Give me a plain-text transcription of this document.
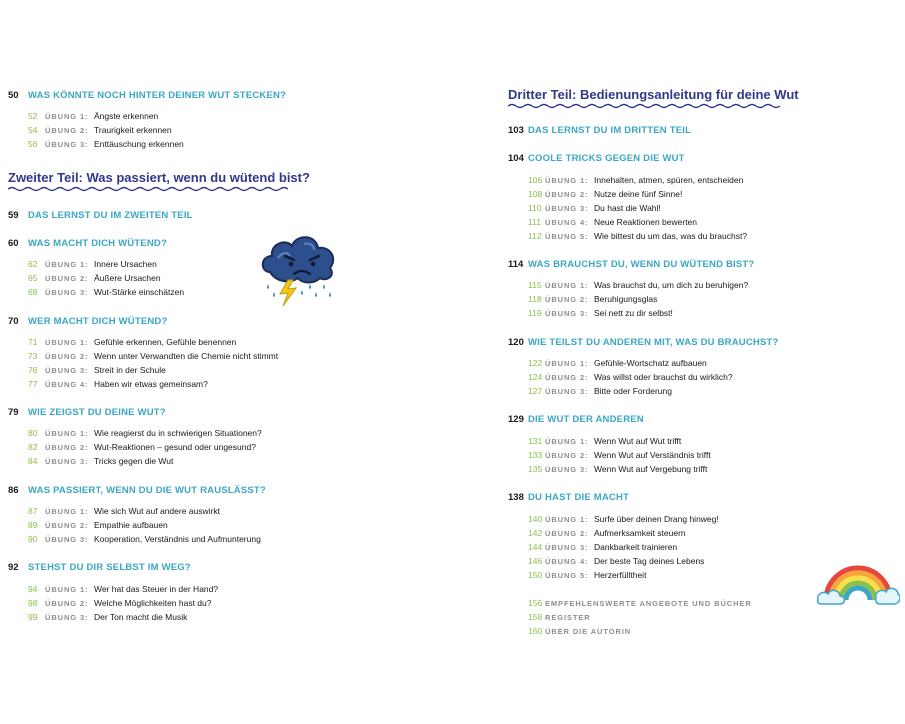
50 WAS KÖNNTE NOCH HINTER DEINER WUT STECKEN?
52 ÜBUNG 1: Ängste erkennen
54 ÜBUNG 2: Traurigkeit erkennen
56 ÜBUNG 3: Enttäuschung erkennen
Zweiter Teil: Was passiert, wenn du wütend bist?
59 DAS LERNST DU IM ZWEITEN TEIL
60 WAS MACHT DICH WÜTEND?
62 ÜBUNG 1: Innere Ursachen
65 ÜBUNG 2: Äußere Ursachen
68 ÜBUNG 3: Wut-Stärke einschätzen
70 WER MACHT DICH WÜTEND?
71 ÜBUNG 1: Gefühle erkennen, Gefühle benennen
73 ÜBUNG 2: Wenn unter Verwandten die Chemie nicht stimmt
76 ÜBUNG 3: Streit in der Schule
77 ÜBUNG 4: Haben wir etwas gemeinsam?
79 WIE ZEIGST DU DEINE WUT?
80 ÜBUNG 1: Wie reagierst du in schwierigen Situationen?
82 ÜBUNG 2: Wut-Reaktionen – gesund oder ungesund?
84 ÜBUNG 3: Tricks gegen die Wut
86 WAS PASSIERT, WENN DU DIE WUT RAUSLÄSST?
87 ÜBUNG 1: Wie sich Wut auf andere auswirkt
89 ÜBUNG 2: Empathie aufbauen
90 ÜBUNG 3: Kooperation, Verständnis und Aufmunterung
92 STEHST DU DIR SELBST IM WEG?
94 ÜBUNG 1: Wer hat das Steuer in der Hand?
98 ÜBUNG 2: Welche Möglichkeiten hast du?
99 ÜBUNG 3: Der Ton macht die Musik
Dritter Teil: Bedienungsanleitung für deine Wut
103 DAS LERNST DU IM DRITTEN TEIL
104 COOLE TRICKS GEGEN DIE WUT
106 ÜBUNG 1: Innehalten, atmen, spüren, entscheiden
108 ÜBUNG 2: Nutze deine fünf Sinne!
110 ÜBUNG 3: Du hast die Wahl!
111 ÜBUNG 4: Neue Reaktionen bewerten
112 ÜBUNG 5: Wie bittest du um das, was du brauchst?
114 WAS BRAUCHST DU, WENN DU WÜTEND BIST?
115 ÜBUNG 1: Was brauchst du, um dich zu beruhigen?
118 ÜBUNG 2: Beruhigungsglas
119 ÜBUNG 3: Sei nett zu dir selbst!
120 WIE TEILST DU ANDEREN MIT, WAS DU BRAUCHST?
122 ÜBUNG 1: Gefühle-Wortschatz aufbauen
124 ÜBUNG 2: Was willst oder brauchst du wirklich?
127 ÜBUNG 3: Bitte oder Forderung
129 DIE WUT DER ANDEREN
131 ÜBUNG 1: Wenn Wut auf Wut trifft
133 ÜBUNG 2: Wenn Wut auf Verständnis trifft
135 ÜBUNG 3: Wenn Wut auf Vergebung trifft
138 DU HAST DIE MACHT
140 ÜBUNG 1: Surfe über deinen Drang hinweg!
142 ÜBUNG 2: Aufmerksamkeit steuern
144 ÜBUNG 3: Dankbarkeit trainieren
146 ÜBUNG 4: Der beste Tag deines Lebens
150 ÜBUNG 5: Herzerfülltheit
156 EMPFEHLENSWERTE ANGEBOTE UND BÜCHER
158 REGISTER
160 ÜBER DIE AUTORIN
